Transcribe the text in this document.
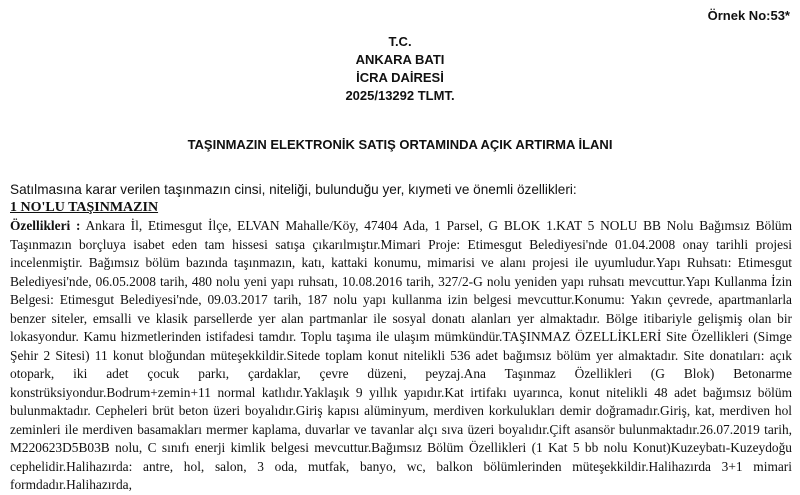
Örnek No:53*
T.C.
ANKARA BATI
İCRA DAİRESİ
2025/13292 TLMT.
TAŞINMAZIN ELEKTRONİK SATIŞ ORTAMINDA AÇIK ARTIRMA İLANI
Satılmasına karar verilen taşınmazın cinsi, niteliği, bulunduğu yer, kıymeti ve önemli özellikleri:
1 NO'LU TAŞINMAZIN

Özellikleri : Ankara İl, Etimesgut İlçe, ELVAN Mahalle/Köy, 47404 Ada, 1 Parsel, G BLOK 1.KAT 5 NOLU BB Nolu Bağımsız Bölüm Taşınmazın borçluya isabet eden tam hissesi satışa çıkarılmıştır.Mimari Proje: Etimesgut Belediyesi'nde 01.04.2008 onay tarihli projesi incelenmiştir. Bağımsız bölüm bazında taşınmazın, katı, kattaki konumu, mimarisi ve alanı projesi ile uyumludur.Yapı Ruhsatı: Etimesgut Belediyesi'nde, 06.05.2008 tarih, 480 nolu yeni yapı ruhsatı, 10.08.2016 tarih, 327/2-G nolu yeniden yapı ruhsatı mevcuttur.Yapı Kullanma İzin Belgesi: Etimesgut Belediyesi'nde, 09.03.2017 tarih, 187 nolu yapı kullanma izin belgesi mevcuttur.Konumu: Yakın çevrede, apartmanlarla benzer siteler, emsalli ve klasik parsellerde yer alan partmanlar ile sosyal donatı alanları yer almaktadır. Bölge itibariyle gelişmiş olan bir lokasyondur. Kamu hizmetlerinden istifadesi tamdır. Toplu taşıma ile ulaşım mümkündür.TAŞINMAZ ÖZELLİKLERİ Site Özellikleri (Simge Şehir 2 Sitesi) 11 konut bloğundan müteşekkildir.Sitede toplam konut nitelikli 536 adet bağımsız bölüm yer almaktadır. Site donatıları: açık otopark, iki adet çocuk parkı, çardaklar, çevre düzeni, peyzaj.Ana Taşınmaz Özellikleri (G Blok) Betonarme konstrüksiyondur.Bodrum+zemin+11 normal katlıdır.Yaklaşık 9 yıllık yapıdır.Kat irtifakı uyarınca, konut nitelikli 48 adet bağımsız bölüm bulunmaktadır. Cepheleri brüt beton üzeri boyalıdır.Giriş kapısı alüminyum, merdiven korkulukları demir doğramadır.Giriş, kat, merdiven hol zeminleri ile merdiven basamakları mermer kaplama, duvarlar ve tavanlar alçı sıva üzeri boyalıdır.Çift asansör bulunmaktadır.26.07.2019 tarih, M220623D5B03B nolu, C sınıfı enerji kimlik belgesi mevcuttur.Bağımsız Bölüm Özellikleri (1 Kat 5 bb nolu Konut)Kuzeybatı-Kuzeydoğu cephelidir.Halihazırda: antre, hol, salon, 3 oda, mutfak, banyo, wc, balkon bölümlerinden müteşekkildir.Halihazırda 3+1 mimari formdadır.Halihazırda,
